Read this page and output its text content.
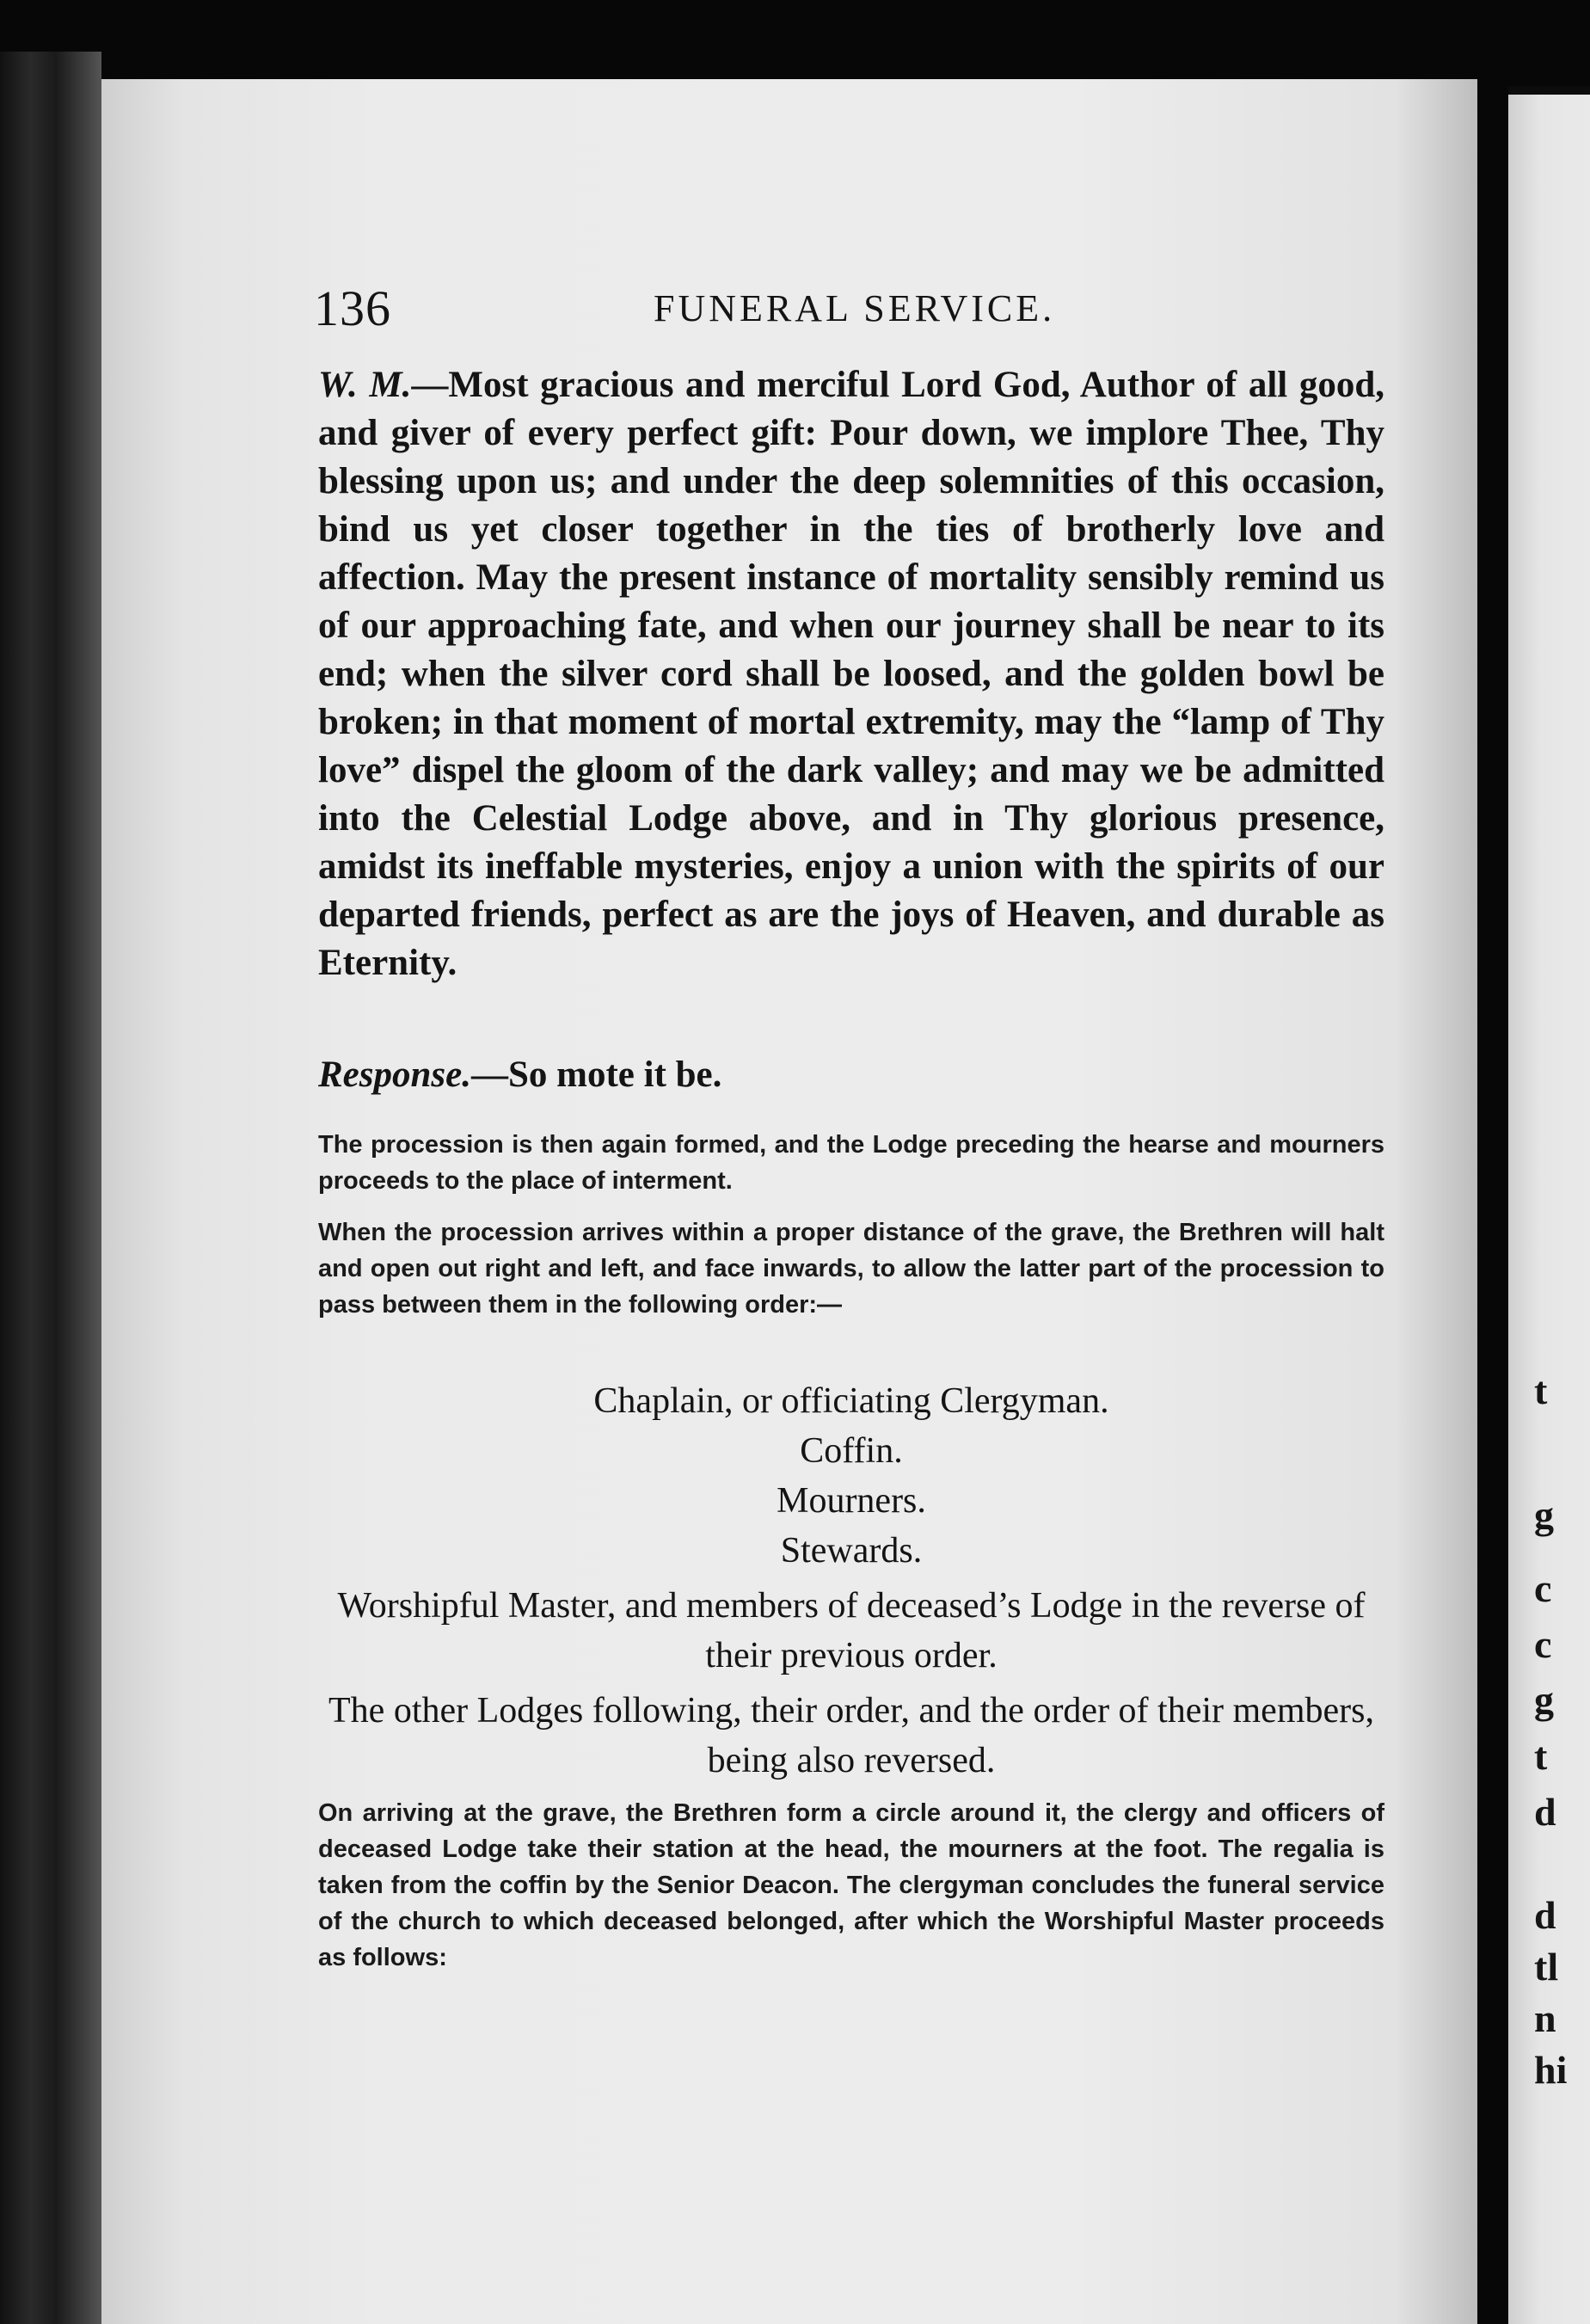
136	FUNERAL SERVICE.
W. M.—Most gracious and merciful Lord God, Author of all good, and giver of every perfect gift: Pour down, we implore Thee, Thy blessing upon us; and under the deep solemnities of this occasion, bind us yet closer together in the ties of brotherly love and affection. May the present instance of mortality sensibly remind us of our approaching fate, and when our journey shall be near to its end; when the silver cord shall be loosed, and the golden bowl be broken; in that moment of mortal extremity, may the “lamp of Thy love” dispel the gloom of the dark valley; and may we be admitted into the Celestial Lodge above, and in Thy glorious presence, amidst its ineffable mysteries, enjoy a union with the spirits of our departed friends, perfect as are the joys of Heaven, and durable as Eternity.
Response.—So mote it be.
The procession is then again formed, and the Lodge preceding the hearse and mourners proceeds to the place of interment.
When the procession arrives within a proper distance of the grave, the Brethren will halt and open out right and left, and face inwards, to allow the latter part of the procession to pass between them in the following order:—
Chaplain, or officiating Clergyman.
Coffin.
Mourners.
Stewards.
Worshipful Master, and members of deceased’s Lodge in the reverse of their previous order.
The other Lodges following, their order, and the order of their members, being also reversed.
On arriving at the grave, the Brethren form a circle around it, the clergy and officers of deceased Lodge take their station at the head, the mourners at the foot. The regalia is taken from the coffin by the Senior Deacon. The clergyman concludes the funeral service of the church to which deceased belonged, after which the Worshipful Master proceeds as follows:
t
g
c
c
g
t
d
d
tl
n
hi
